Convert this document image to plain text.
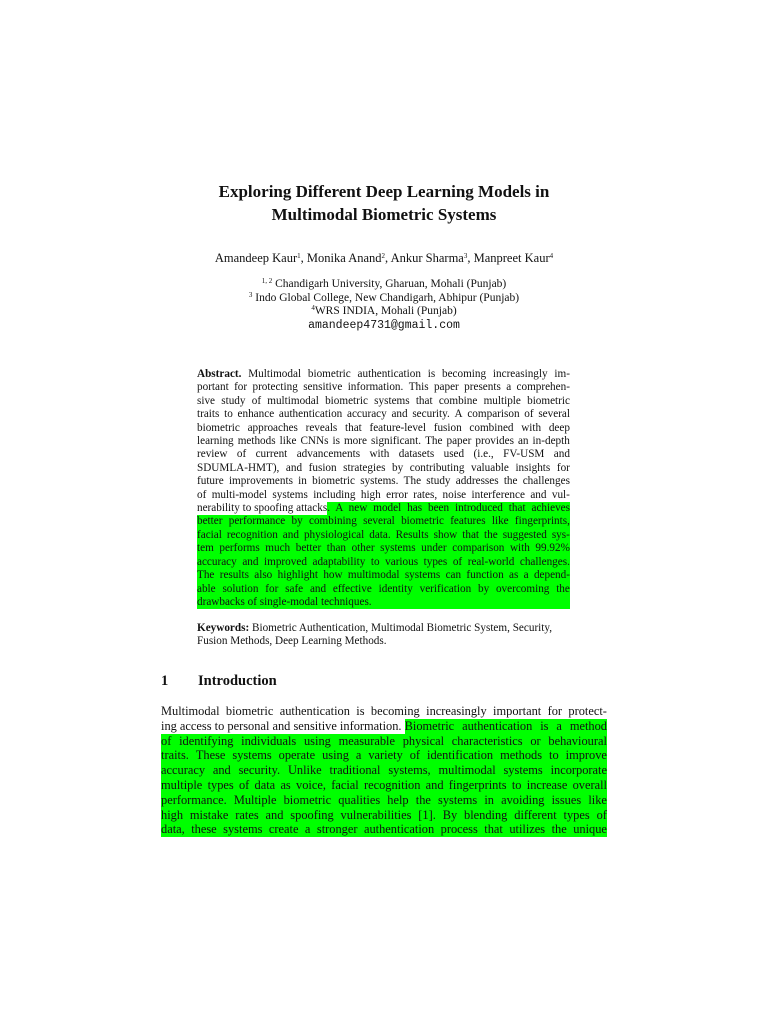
Exploring Different Deep Learning Models in
Multimodal Biometric Systems
Amandeep Kaur$^1$, Monika Anand$^2$, Ankur Sharma$^3$, Manpreet Kaur$^4$
$^{1, 2}$ Chandigarh University, Gharuan, Mohali (Punjab)
$^3$ Indo Global College, New Chandigarh, Abhipur (Punjab)
$^4$WRS INDIA, Mohali (Punjab)
amandeep4731@gmail.com
Abstract. Multimodal biometric authentication is becoming increasingly im-
portant for protecting sensitive information. This paper presents a comprehen-
sive study of multimodal biometric systems that combine multiple biometric
traits to enhance authentication accuracy and security. A comparison of several
biometric approaches reveals that feature-level fusion combined with deep
learning methods like CNNs is more significant. The paper provides an in-depth
review of current advancements with datasets used (i.e., FV-USM and
SDUMLA-HMT), and fusion strategies by contributing valuable insights for
future improvements in biometric systems. The study addresses the challenges
of multi-model systems including high error rates, noise interference and vul-
nerability to spoofing attacks . A new model has been introduced that achieves
better performance by combining several biometric features like fingerprints,
facial recognition and physiological data. Results show that the suggested sys-
tem performs much better than other systems under comparison with 99.92%
accuracy and improved adaptability to various types of real-world challenges.
The results also highlight how multimodal systems can function as a depend-
able solution for safe and effective identity verification by overcoming the
drawbacks of single-modal techniques.
Keywords: Biometric Authentication, Multimodal Biometric System, Security,
Fusion Methods, Deep Learning Methods.
1 Introduction
Multimodal biometric authentication is becoming increasingly important for protect-
ing access to personal and sensitive information. Biometric authentication is a method
of identifying individuals using measurable physical characteristics or behavioural
traits. These systems operate using a variety of identification methods to improve
accuracy and security. Unlike traditional systems, multimodal systems incorporate
multiple types of data as voice, facial recognition and fingerprints to increase overall
performance. Multiple biometric qualities help the systems in avoiding issues like
high mistake rates and spoofing vulnerabilities [1]. By blending different types of
data, these systems create a stronger authentication process that utilizes the unique
